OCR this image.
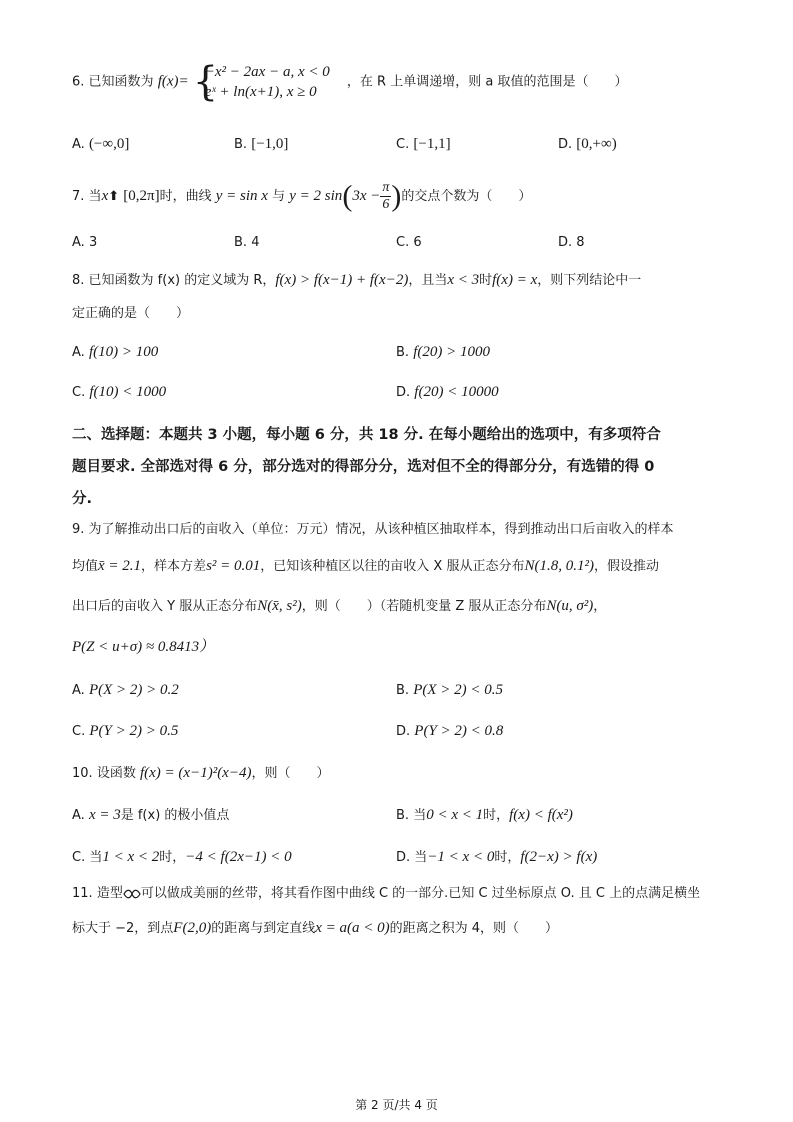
6. 已知函数为 f(x)= {
−x² − 2ax − a, x < 0
eˣ + ln(x+1), x ≥ 0
，在 R 上单调递增，则 a 取值的范围是（　　）
A. (−∞,0]	B. [−1,0]	C. [−1,1]	D. [0,+∞)
7. 当x⬆ [0,2π]时，曲线 y = sin x 与 y = 2 $\sin(3x - \frac{\pi}{6}$ )的交点个数为（　　）
A. 3	B. 4	C. 6	D. 8
8. 已知函数为 f(x) 的定义域为 R，f(x) > f(x−1) + f(x−2)，且当x < 3时f(x) = x，则下列结论中一
定正确的是（　　）
A. f(10) > 100	B. f(20) > 1000
C. f(10) < 1000	D. f(20) < 10000
二、选择题：本题共 3 小题，每小题 6 分，共 18 分. 在每小题给出的选项中，有多项符合
题目要求. 全部选对得 6 分，部分选对的得部分分，选对但不全的得部分分，有选错的得 0
分.
9. 为了解推动出口后的亩收入（单位：万元）情况，从该种植区抽取样本，得到推动出口后亩收入的样本
均值x̄ = 2.1，样本方差s² = 0.01，已知该种植区以往的亩收入 X 服从正态分布N(1.8, 0.1²)，假设推动
出口后的亩收入 Y 服从正态分布N(x̄, s²)，则（　　）（若随机变量 Z 服从正态分布N(u, σ²)，
P(Z < u+σ) ≈ 0.8413）
A. P(X > 2) > 0.2	B. P(X > 2) < 0.5
C. P(Y > 2) > 0.5	D. P(Y > 2) < 0.8
10. 设函数 f(x) = (x−1)²(x−4)，则（　　）
A. x = 3是 f(x) 的极小值点	B. 当0 < x < 1时，f(x) < f(x²)
C. 当1 < x < 2时，−4 < f(2x−1) < 0	D. 当−1 < x < 0时，f(2−x) > f(x)
11. 造型 可以做成美丽的丝带，将其看作图中曲线 C 的一部分.已知 C 过坐标原点 O. 且 C 上的点满足横坐
标大于 −2，到点F(2,0)的距离与到定直线x = a(a < 0)的距离之积为 4，则（　　）
第 2 页/共 4 页
